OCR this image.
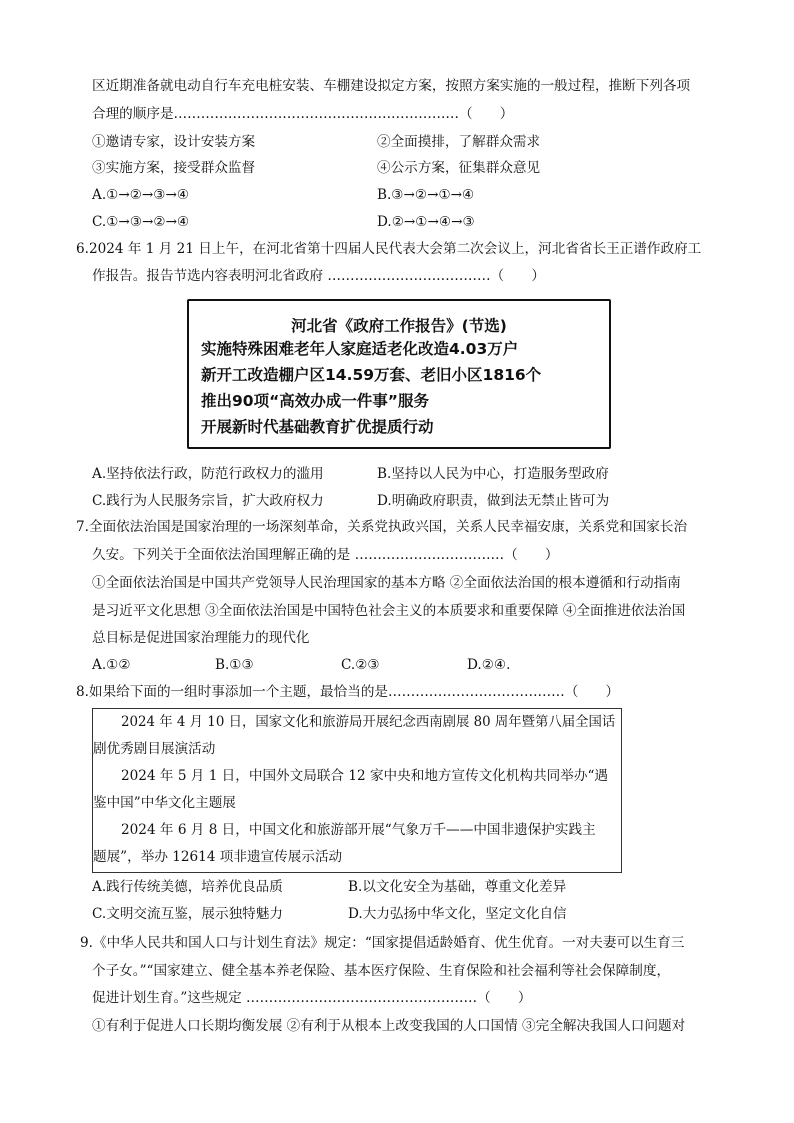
区近期准备就电动自行车充电桩安装、车棚建设拟定方案，按照方案实施的一般过程，推断下列各项
合理的顺序是………………………………………………………（　　）
①邀请专家，设计安装方案	②全面摸排，了解群众需求
③实施方案，接受群众监督	④公示方案，征集群众意见
A.①→②→③→④	B.③→②→①→④
C.①→③→②→④	D.②→①→④→③
6.2024 年 1 月 21 日上午，在河北省第十四届人民代表大会第二次会议上，河北省省长王正谱作政府工
作报告。报告节选内容表明河北省政府 ………………………………（　　）
河北省《政府工作报告》(节选)
实施特殊困难老年人家庭适老化改造4.03万户
新开工改造棚户区14.59万套、老旧小区1816个
推出90项“高效办成一件事”服务
开展新时代基础教育扩优提质行动
A.坚持依法行政，防范行政权力的滥用	B.坚持以人民为中心，打造服务型政府
C.践行为人民服务宗旨，扩大政府权力	D.明确政府职责，做到法无禁止皆可为
7.全面依法治国是国家治理的一场深刻革命，关系党执政兴国，关系人民幸福安康，关系党和国家长治
久安。下列关于全面依法治国理解正确的是 ……………………………（　　）
①全面依法治国是中国共产党领导人民治理国家的基本方略 ②全面依法治国的根本遵循和行动指南
是习近平文化思想 ③全面依法治国是中国特色社会主义的本质要求和重要保障 ④全面推进依法治国
总目标是促进国家治理能力的现代化
A.①②	B.①③	C.②③	D.②④.
8.如果给下面的一组时事添加一个主题，最恰当的是…………………………………（　　）
2024 年 4 月 10 日，国家文化和旅游局开展纪念西南剧展 80 周年暨第八届全国话
剧优秀剧目展演活动
2024 年 5 月 1 日，中国外文局联合 12 家中央和地方宣传文化机构共同举办“遇
鉴中国”中华文化主题展
2024 年 6 月 8 日，中国文化和旅游部开展“气象万千——中国非遗保护实践主
题展”，举办 12614 项非遗宣传展示活动
A.践行传统美德，培养优良品质	B.以文化安全为基础，尊重文化差异
C.文明交流互鉴，展示独特魅力	D.大力弘扬中华文化，坚定文化自信
9.《中华人民共和国人口与计划生育法》规定：“国家提倡适龄婚育、优生优育。一对夫妻可以生育三
个子女。”“国家建立、健全基本养老保险、基本医疗保险、生育保险和社会福利等社会保障制度，
促进计划生育。”这些规定 ……………………………………………（　　）
①有利于促进人口长期均衡发展 ②有利于从根本上改变我国的人口国情 ③完全解决我国人口问题对
